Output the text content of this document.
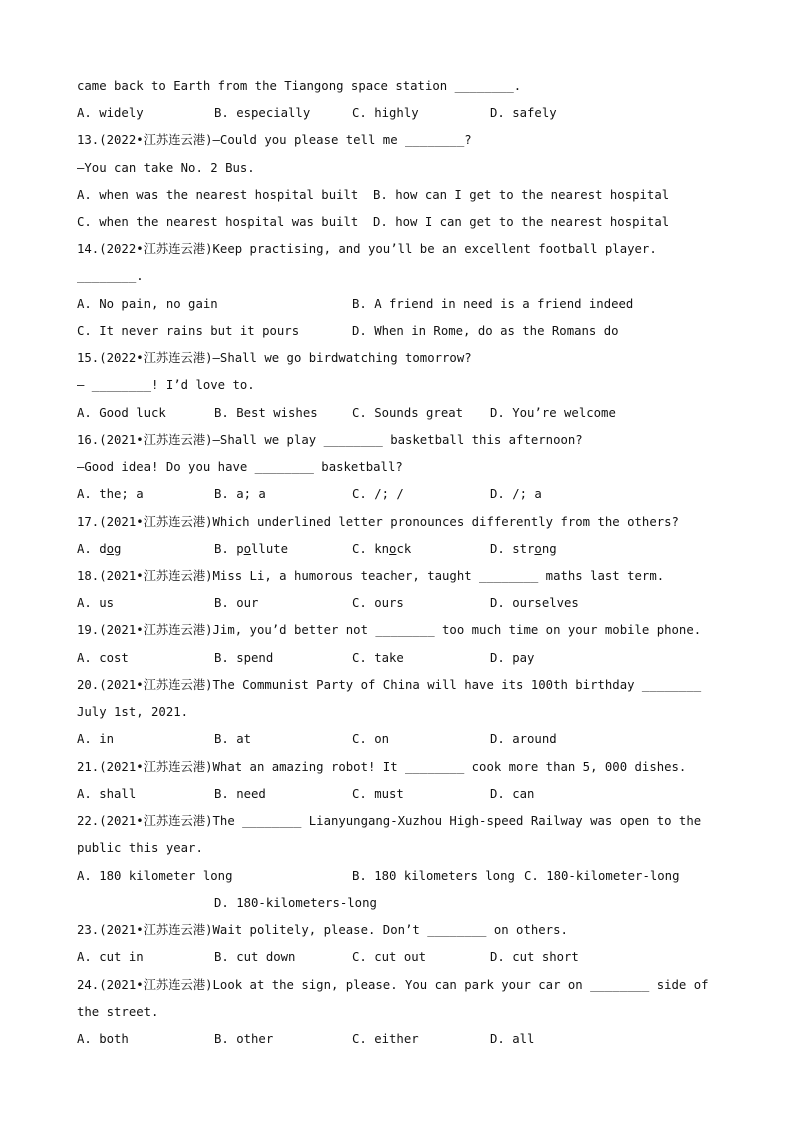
came back to Earth from the Tiangong space station ________.
A. widely	B. especially	C. highly	D. safely
13.(2022•江苏连云港)—Could you please tell me ________?
—You can take No. 2 Bus.
A. when was the nearest hospital built B. how can I get to the nearest hospital
C. when the nearest hospital was built D. how I can get to the nearest hospital
14.(2022•江苏连云港)Keep practising, and you’ll be an excellent football player.
________.
A. No pain, no gain	B. A friend in need is a friend indeed
C. It never rains but it pours	D. When in Rome, do as the Romans do
15.(2022•江苏连云港)—Shall we go birdwatching tomorrow?
— ________! I’d love to.
A. Good luck	B. Best wishes	C. Sounds great D. You’re welcome
16.(2021•江苏连云港)—Shall we play ________ basketball this afternoon?
—Good idea! Do you have ________ basketball?
A. the; a	B. a; a	C. /; /	D. /; a
17.(2021•江苏连云港)Which underlined letter pronounces differently from the others?
A. dog	B. pollute	C. knock	D. strong
18.(2021•江苏连云港)Miss Li, a humorous teacher, taught ________ maths last term.
A. us	B. our	C. ours	D. ourselves
19.(2021•江苏连云港)Jim, you’d better not ________ too much time on your mobile phone.
A. cost	B. spend	C. take	D. pay
20.(2021•江苏连云港)The Communist Party of China will have its 100th birthday ________
July 1st, 2021.
A. in	B. at	C. on	D. around
21.(2021•江苏连云港)What an amazing robot! It ________ cook more than 5, 000 dishes.
A. shall	B. need	C. must	D. can
22.(2021•江苏连云港)The ________ Lianyungang-Xuzhou High-speed Railway was open to the
public this year.
A. 180 kilometer long	B. 180 kilometers long C. 180-kilometer-long
D. 180-kilometers-long
23.(2021•江苏连云港)Wait politely, please. Don’t ________ on others.
A. cut in	B. cut down	C. cut out	D. cut short
24.(2021•江苏连云港)Look at the sign, please. You can park your car on ________ side of
the street.
A. both	B. other	C. either	D. all
